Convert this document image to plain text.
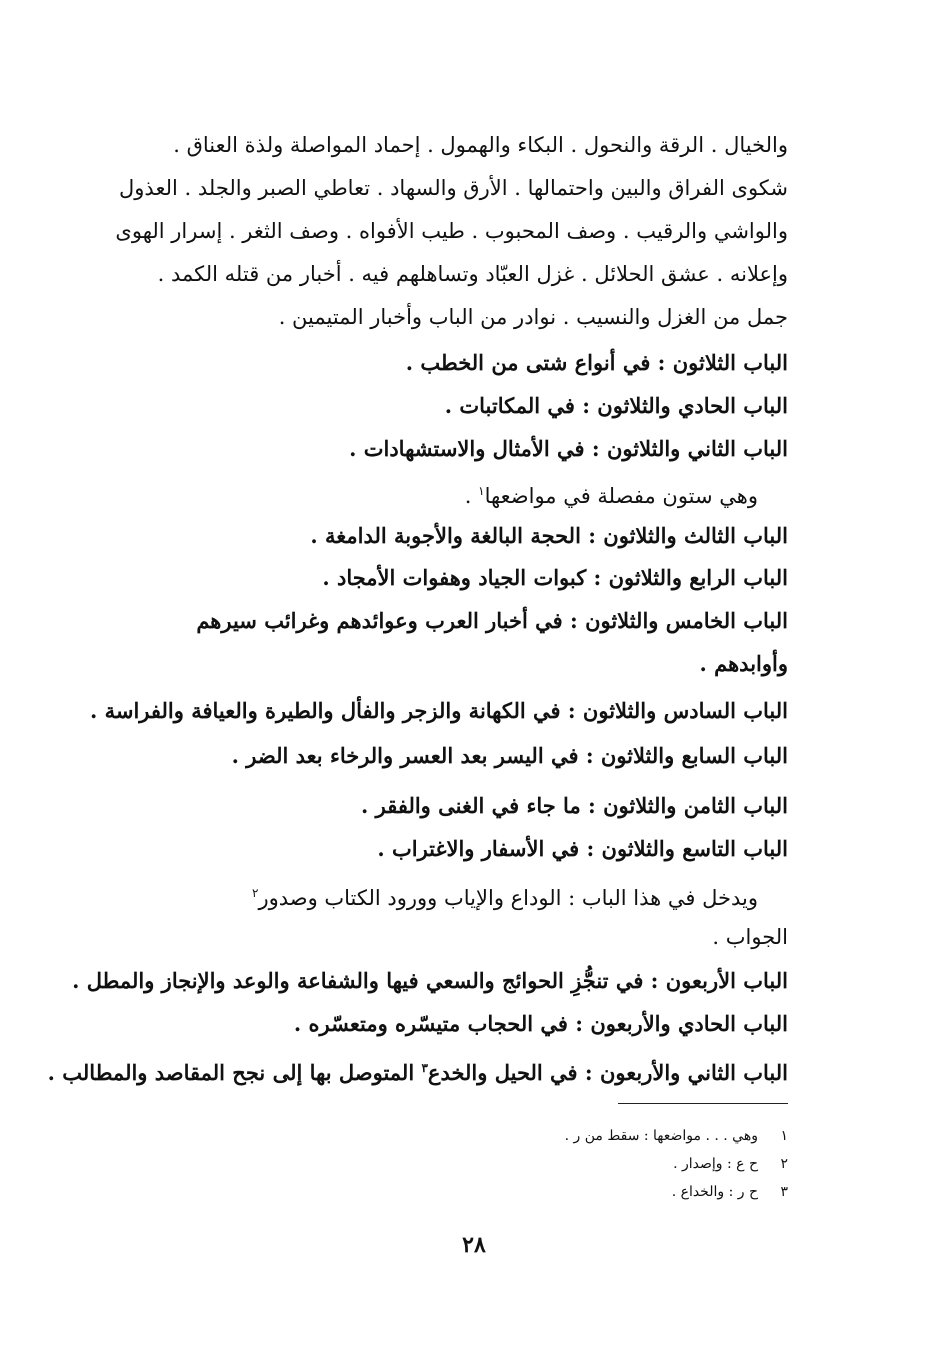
والخيال . الرقة والنحول . البكاء والهمول . إحماد المواصلة ولذة العناق .
شكوى الفراق والبين واحتمالها . الأرق والسهاد . تعاطي الصبر والجلد . العذول
والواشي والرقيب . وصف المحبوب . طيب الأفواه . وصف الثغر . إسرار الهوى
وإعلانه . عشق الحلائل . غزل العبّاد وتساهلهم فيه . أخبار من قتله الكمد .
جمل من الغزل والنسيب . نوادر من الباب وأخبار المتيمين .
الباب الثلاثون : في أنواع شتى من الخطب .
الباب الحادي والثلاثون : في المكاتبات .
الباب الثاني والثلاثون : في الأمثال والاستشهادات .
وهي ستون مفصلة في مواضعها$^١$ .
الباب الثالث والثلاثون : الحجة البالغة والأجوبة الدامغة .
الباب الرابع والثلاثون : كبوات الجياد وهفوات الأمجاد .
الباب الخامس والثلاثون : في أخبار العرب وعوائدهم وغرائب سيرهم
وأوابدهم .
الباب السادس والثلاثون : في الكهانة والزجر والفأل والطيرة والعيافة والفراسة .
الباب السابع والثلاثون : في اليسر بعد العسر والرخاء بعد الضر .
الباب الثامن والثلاثون : ما جاء في الغنى والفقر .
الباب التاسع والثلاثون : في الأسفار والاغتراب .
ويدخل في هذا الباب : الوداع والإياب وورود الكتاب وصدور$^٢$
الجواب .
الباب الأربعون : في تنجُّزِ الحوائج والسعي فيها والشفاعة والوعد والإنجاز والمطل .
الباب الحادي والأربعون : في الحجاب متيسّره ومتعسّره .
الباب الثاني والأربعون : في الحيل والخدع$^٣$ المتوصل بها إلى نجح المقاصد والمطالب .
١وهي . . . مواضعها : سقط من ر .
٢ح ع : وإصدار .
٣ح ر : والخداع .
٢٨
